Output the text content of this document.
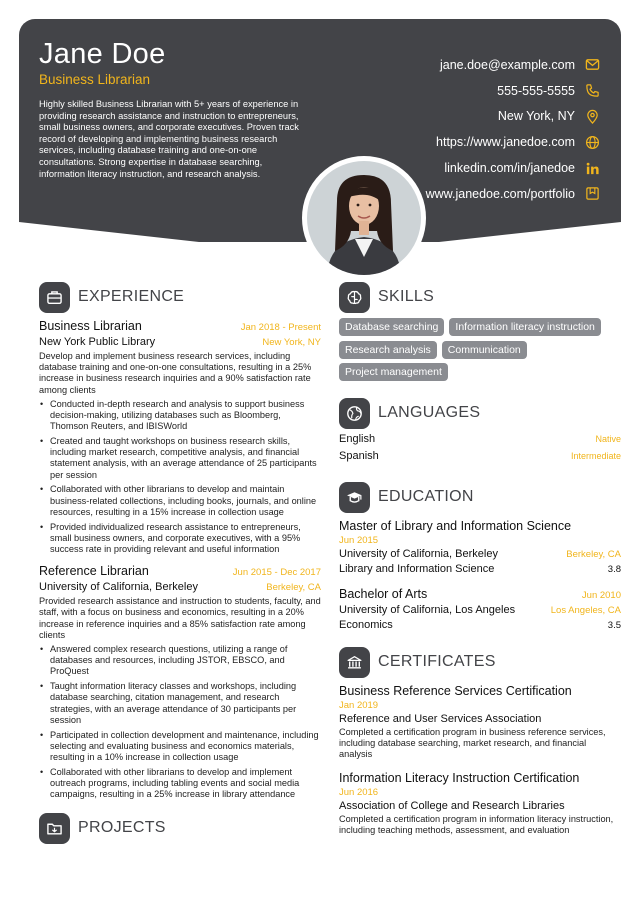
Jane Doe
Business Librarian
Highly skilled Business Librarian with 5+ years of experience in providing research assistance and instruction to entrepreneurs, small business owners, and corporate executives. Proven track record of developing and implementing business research services, including database training and one-on-one consultations. Strong expertise in database searching, information literacy instruction, and research analysis.
jane.doe@example.com
555-555-5555
New York, NY
https://www.janedoe.com
linkedin.com/in/janedoe
www.janedoe.com/portfolio
EXPERIENCE
Business Librarian	Jan 2018 - Present
New York Public Library	New York, NY
Develop and implement business research services, including database training and one-on-one consultations, resulting in a 25% increase in business research inquiries and a 90% satisfaction rate among clients
• Conducted in-depth research and analysis to support business decision-making, utilizing databases such as Bloomberg, Thomson Reuters, and IBISWorld
• Created and taught workshops on business research skills, including market research, competitive analysis, and financial statement analysis, with an average attendance of 25 participants per session
• Collaborated with other librarians to develop and maintain business-related collections, including books, journals, and online resources, resulting in a 15% increase in collection usage
• Provided individualized research assistance to entrepreneurs, small business owners, and corporate executives, with a 95% success rate in providing relevant and useful information
Reference Librarian	Jun 2015 - Dec 2017
University of California, Berkeley	Berkeley, CA
Provided research assistance and instruction to students, faculty, and staff, with a focus on business and economics, resulting in a 20% increase in reference inquiries and a 85% satisfaction rate among clients
• Answered complex research questions, utilizing a range of databases and resources, including JSTOR, EBSCO, and ProQuest
• Taught information literacy classes and workshops, including database searching, citation management, and research strategies, with an average attendance of 30 participants per session
• Participated in collection development and maintenance, including selecting and evaluating business and economics materials, resulting in a 10% increase in collection usage
• Collaborated with other librarians to develop and implement outreach programs, including tabling events and social media campaigns, resulting in a 25% increase in library attendance
PROJECTS
SKILLS
Database searching	Information literacy instruction
Research analysis	Communication
Project management
LANGUAGES
English	Native
Spanish	Intermediate
EDUCATION
Master of Library and Information Science
Jun 2015
University of California, Berkeley	Berkeley, CA
Library and Information Science	3.8
Bachelor of Arts	Jun 2010
University of California, Los Angeles	Los Angeles, CA
Economics	3.5
CERTIFICATES
Business Reference Services Certification
Jan 2019
Reference and User Services Association
Completed a certification program in business reference services, including database searching, market research, and financial analysis
Information Literacy Instruction Certification
Jun 2016
Association of College and Research Libraries
Completed a certification program in information literacy instruction, including teaching methods, assessment, and evaluation
